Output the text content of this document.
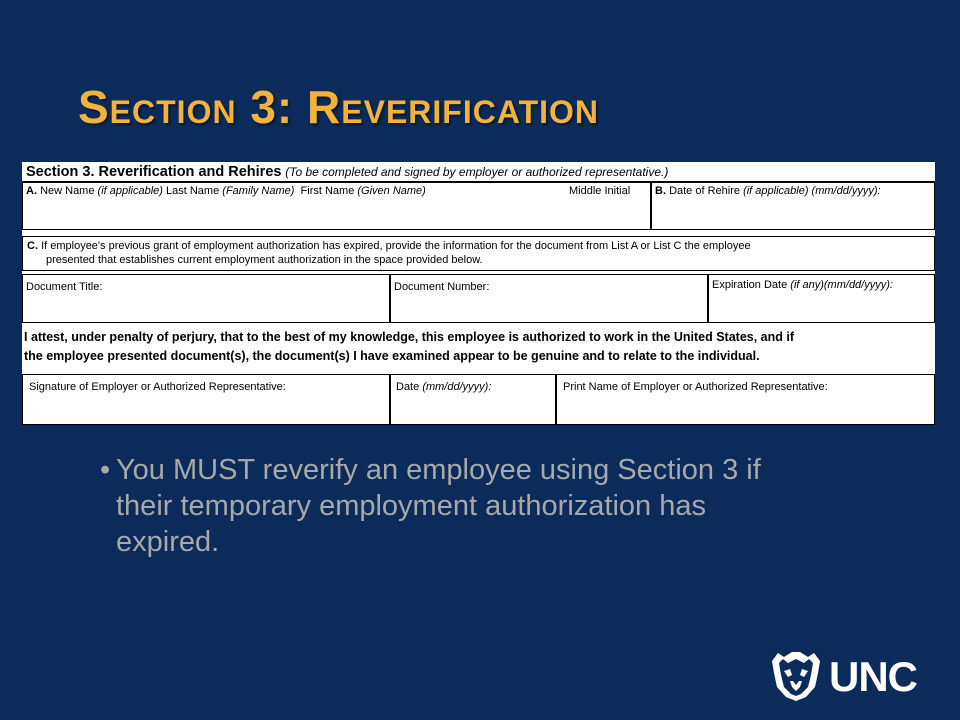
Section 3: Reverification
Section 3. Reverification and Rehires (To be completed and signed by employer or authorized representative.)
A. New Name (if applicable) Last Name (Family Name) First Name (Given Name)	Middle Initial	B. Date of Rehire (if applicable) (mm/dd/yyyy):
C. If employee's previous grant of employment authorization has expired, provide the information for the document from List A or List C the employee
presented that establishes current employment authorization in the space provided below.
Document Title:	Document Number:	Expiration Date (if any)(mm/dd/yyyy):
I attest, under penalty of perjury, that to the best of my knowledge, this employee is authorized to work in the United States, and if
the employee presented document(s), the document(s) I have examined appear to be genuine and to relate to the individual.
Signature of Employer or Authorized Representative:	Date (mm/dd/yyyy):	Print Name of Employer or Authorized Representative:
• You MUST reverify an employee using Section 3 if their temporary employment authorization has expired.
UNC
